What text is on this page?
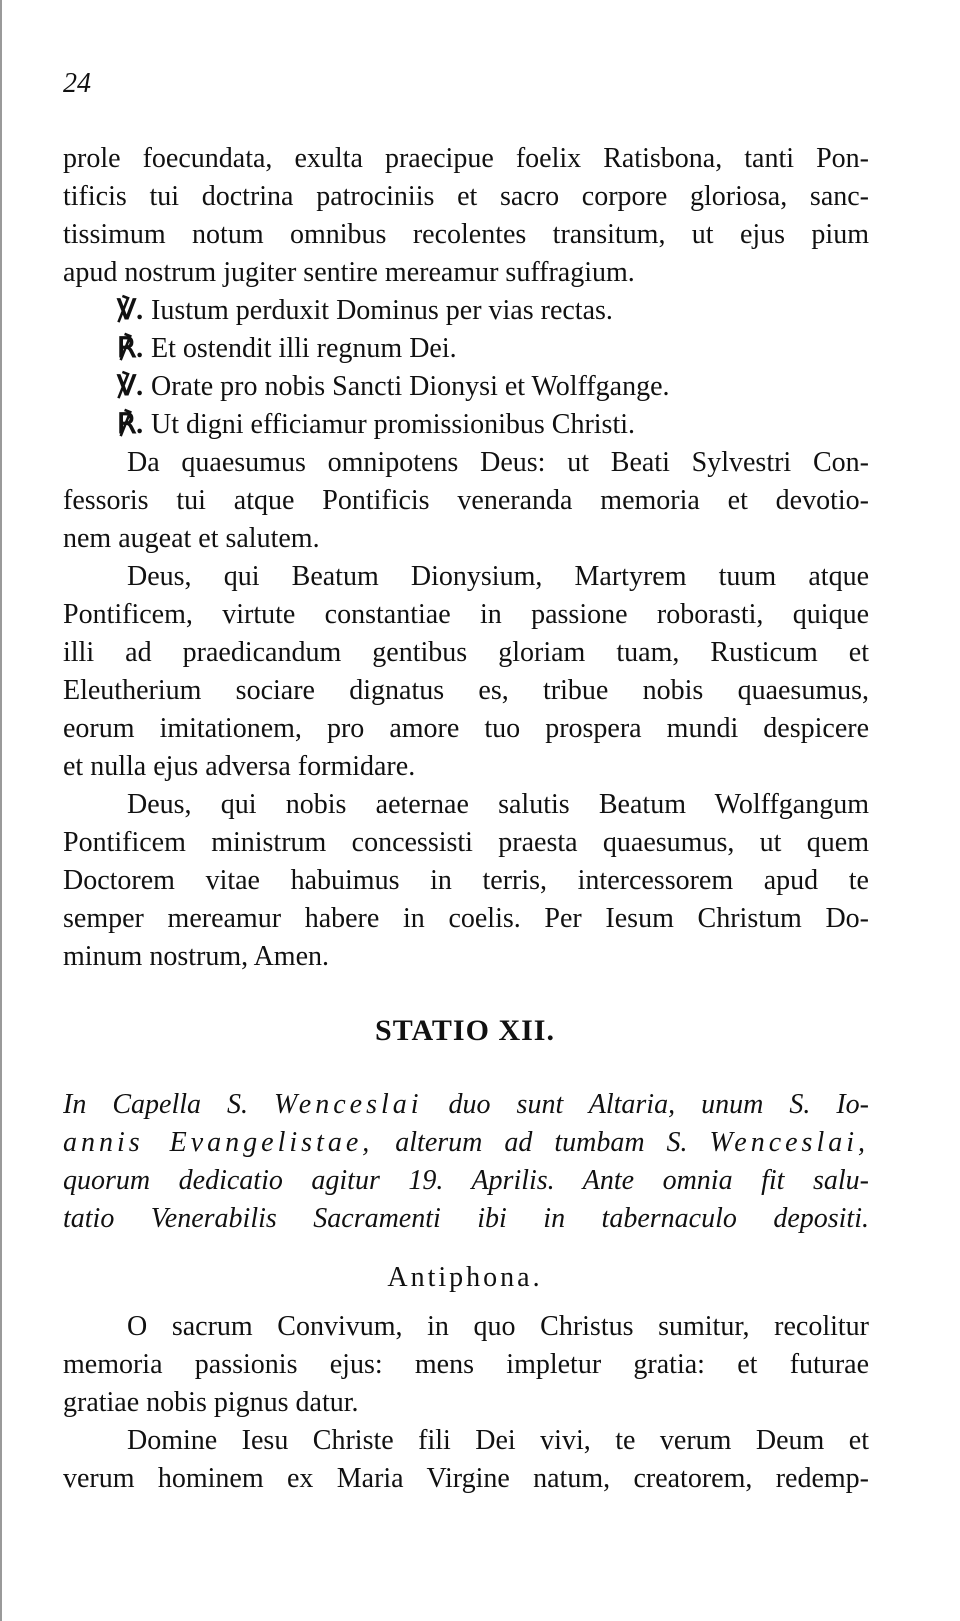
24
prole foecundata, exulta praecipue foelix Ratisbona, tanti Pon-
tificis tui doctrina patrociniis et sacro corpore gloriosa, sanc-
tissimum notum omnibus recolentes transitum, ut ejus pium
apud nostrum jugiter sentire mereamur suffragium.
℣. Iustum perduxit Dominus per vias rectas.
℟. Et ostendit illi regnum Dei.
℣. Orate pro nobis Sancti Dionysi et Wolffgange.
℟. Ut digni efficiamur promissionibus Christi.
Da quaesumus omnipotens Deus: ut Beati Sylvestri Con-
fessoris tui atque Pontificis veneranda memoria et devotio-
nem augeat et salutem.
Deus, qui Beatum Dionysium, Martyrem tuum atque
Pontificem, virtute constantiae in passione roborasti, quique
illi ad praedicandum gentibus gloriam tuam, Rusticum et
Eleutherium sociare dignatus es, tribue nobis quaesumus,
eorum imitationem, pro amore tuo prospera mundi despicere
et nulla ejus adversa formidare.
Deus, qui nobis aeternae salutis Beatum Wolffgangum
Pontificem ministrum concessisti praesta quaesumus, ut quem
Doctorem vitae habuimus in terris, intercessorem apud te
semper mereamur habere in coelis. Per Iesum Christum Do-
minum nostrum, Amen.
STATIO XII.
In Capella S. Wenceslai duo sunt Altaria, unum S. Io-
annis Evangelistae, alterum ad tumbam S. Wenceslai,
quorum dedicatio agitur 19. Aprilis. Ante omnia fit salu-
tatio Venerabilis Sacramenti ibi in tabernaculo depositi.
Antiphona.
O sacrum Convivum, in quo Christus sumitur, recolitur
memoria passionis ejus: mens impletur gratia: et futurae
gratiae nobis pignus datur.
Domine Iesu Christe fili Dei vivi, te verum Deum et
verum hominem ex Maria Virgine natum, creatorem, redemp-
